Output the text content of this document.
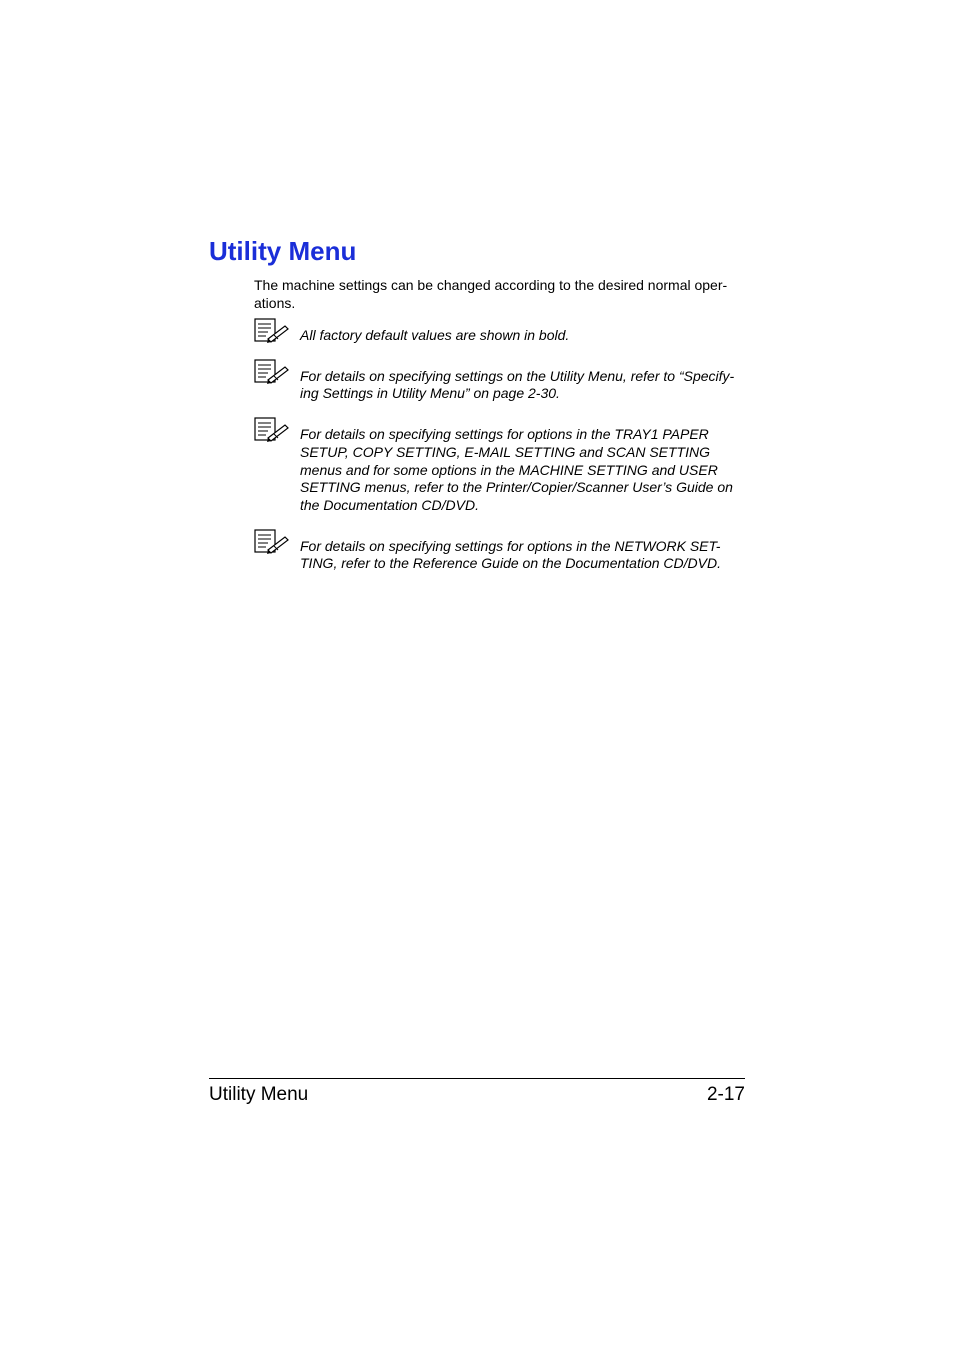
Utility Menu

The machine settings can be changed according to the desired normal oper-
ations.

All factory default values are shown in bold.
For details on specifying settings on the Utility Menu, refer to “Specify-
ing Settings in Utility Menu” on page 2-30.
For details on specifying settings for options in the TRAY1 PAPER
SETUP, COPY SETTING, E-MAIL SETTING and SCAN SETTING
menus and for some options in the MACHINE SETTING and USER
SETTING menus, refer to the Printer/Copier/Scanner User’s Guide on
the Documentation CD/DVD.
For details on specifying settings for options in the NETWORK SET-
TING, refer to the Reference Guide on the Documentation CD/DVD.
Utility Menu	2-17
